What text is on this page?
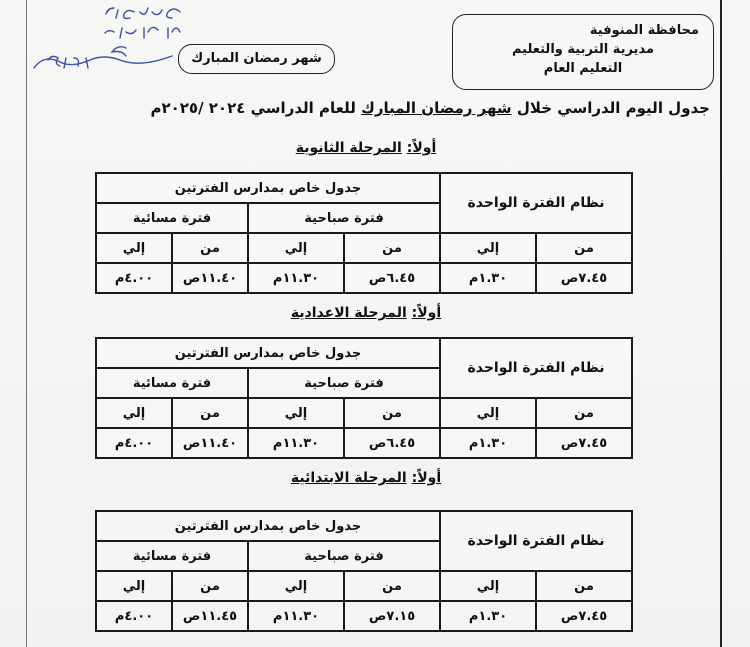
شهر رمضان المبارك
محافظة المنوفية
مديرية التربية والتعليم
التعليم العام
جدول اليوم الدراسي خلال شهر رمضان المبارك للعام الدراسي ٢٠٢٤ /٢٠٢٥م
أولاً: المرحلة الثانوية
نظام الفترة الواحدة		جدول خاص بمدارس الفترتين			
		فترة صباحية		فترة مسائية	
من	إلي	من	إلي	من	إلي
٧.٤٥ص	١.٣٠م	٦.٤٥ص	١١.٣٠م	١١.٤٠ص	٤.٠٠م
أولاً: المرحلة الاعدادية
نظام الفترة الواحدة		جدول خاص بمدارس الفترتين			
		فترة صباحية		فترة مسائية	
من	إلي	من	إلي	من	إلي
٧.٤٥ص	١.٣٠م	٦.٤٥ص	١١.٣٠م	١١.٤٠ص	٤.٠٠م
أولاً: المرحلة الابتدائية
نظام الفترة الواحدة		جدول خاص بمدارس الفترتين			
		فترة صباحية		فترة مسائية	
من	إلي	من	إلي	من	إلي
٧.٤٥ص	١.٣٠م	٧.١٥ص	١١.٣٠م	١١.٤٥ص	٤.٠٠م
